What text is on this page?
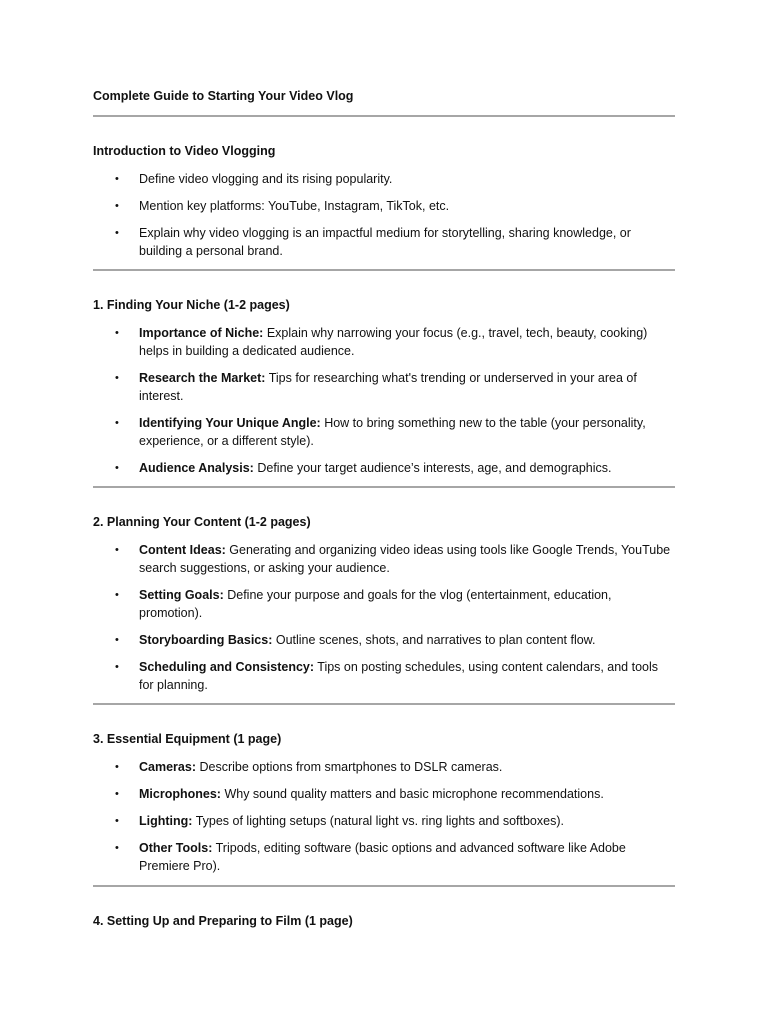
Complete Guide to Starting Your Video Vlog
Introduction to Video Vlogging
•	Define video vlogging and its rising popularity.
•	Mention key platforms: YouTube, Instagram, TikTok, etc.
•	Explain why video vlogging is an impactful medium for storytelling, sharing knowledge, or building a personal brand.
1. Finding Your Niche (1-2 pages)
•	Importance of Niche: Explain why narrowing your focus (e.g., travel, tech, beauty, cooking) helps in building a dedicated audience.
•	Research the Market: Tips for researching what's trending or underserved in your area of interest.
•	Identifying Your Unique Angle: How to bring something new to the table (your personality, experience, or a different style).
•	Audience Analysis: Define your target audience’s interests, age, and demographics.
2. Planning Your Content (1-2 pages)
•	Content Ideas: Generating and organizing video ideas using tools like Google Trends, YouTube search suggestions, or asking your audience.
•	Setting Goals: Define your purpose and goals for the vlog (entertainment, education, promotion).
•	Storyboarding Basics: Outline scenes, shots, and narratives to plan content flow.
•	Scheduling and Consistency: Tips on posting schedules, using content calendars, and tools for planning.
3. Essential Equipment (1 page)
•	Cameras: Describe options from smartphones to DSLR cameras.
•	Microphones: Why sound quality matters and basic microphone recommendations.
•	Lighting: Types of lighting setups (natural light vs. ring lights and softboxes).
•	Other Tools: Tripods, editing software (basic options and advanced software like Adobe Premiere Pro).
4. Setting Up and Preparing to Film (1 page)
